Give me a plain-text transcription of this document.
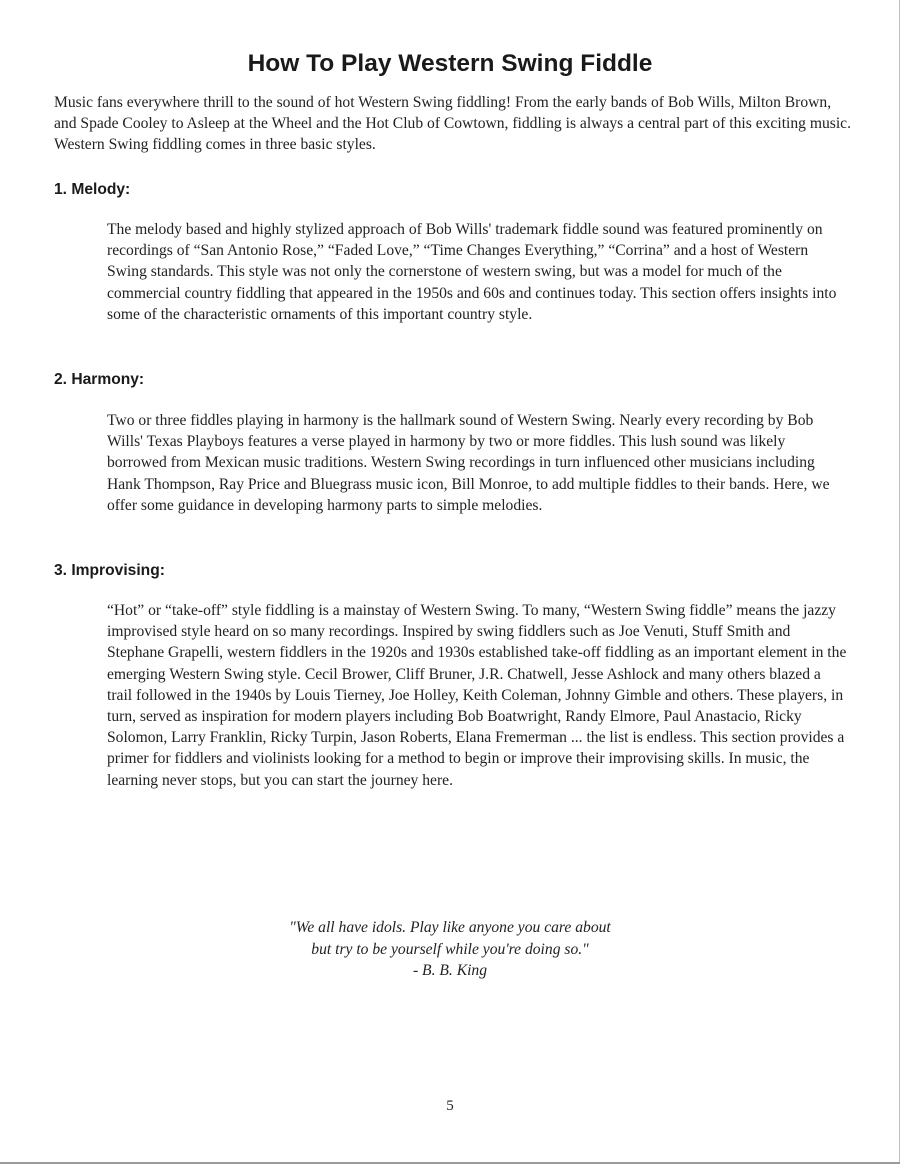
How To Play Western Swing Fiddle

Music fans everywhere thrill to the sound of hot Western Swing fiddling! From the early bands of Bob Wills, Milton Brown, and Spade Cooley to Asleep at the Wheel and the Hot Club of Cowtown, fiddling is always a central part of this exciting music. Western Swing fiddling comes in three basic styles.

1. Melody:

The melody based and highly stylized approach of Bob Wills' trademark fiddle sound was featured prominently on recordings of “San Antonio Rose,” “Faded Love,” “Time Changes Everything,” “Corrina” and a host of Western Swing standards. This style was not only the cornerstone of western swing, but was a model for much of the commercial country fiddling that appeared in the 1950s and 60s and continues today. This section offers insights into some of the characteristic ornaments of this important country style.

2. Harmony:

Two or three fiddles playing in harmony is the hallmark sound of Western Swing. Nearly every recording by Bob Wills' Texas Playboys features a verse played in harmony by two or more fiddles. This lush sound was likely borrowed from Mexican music traditions. Western Swing recordings in turn influenced other musicians including Hank Thompson, Ray Price and Bluegrass music icon, Bill Monroe, to add multiple fiddles to their bands. Here, we offer some guidance in developing harmony parts to simple melodies.

3. Improvising:

“Hot” or “take-off” style fiddling is a mainstay of Western Swing. To many, “Western Swing fiddle” means the jazzy improvised style heard on so many recordings. Inspired by swing fiddlers such as Joe Venuti, Stuff Smith and Stephane Grapelli, western fiddlers in the 1920s and 1930s established take-off fiddling as an important element in the emerging Western Swing style. Cecil Brower, Cliff Bruner, J.R. Chatwell, Jesse Ashlock and many others blazed a trail followed in the 1940s by Louis Tierney, Joe Holley, Keith Coleman, Johnny Gimble and others. These players, in turn, served as inspiration for modern players including Bob Boatwright, Randy Elmore, Paul Anastacio, Ricky Solomon, Larry Franklin, Ricky Turpin, Jason Roberts, Elana Fremerman ... the list is endless. This section provides a primer for fiddlers and violinists looking for a method to begin or improve their improvising skills. In music, the learning never stops, but you can start the journey here.

"We all have idols. Play like anyone you care about
but try to be yourself while you're doing so."
- B. B. King
5
